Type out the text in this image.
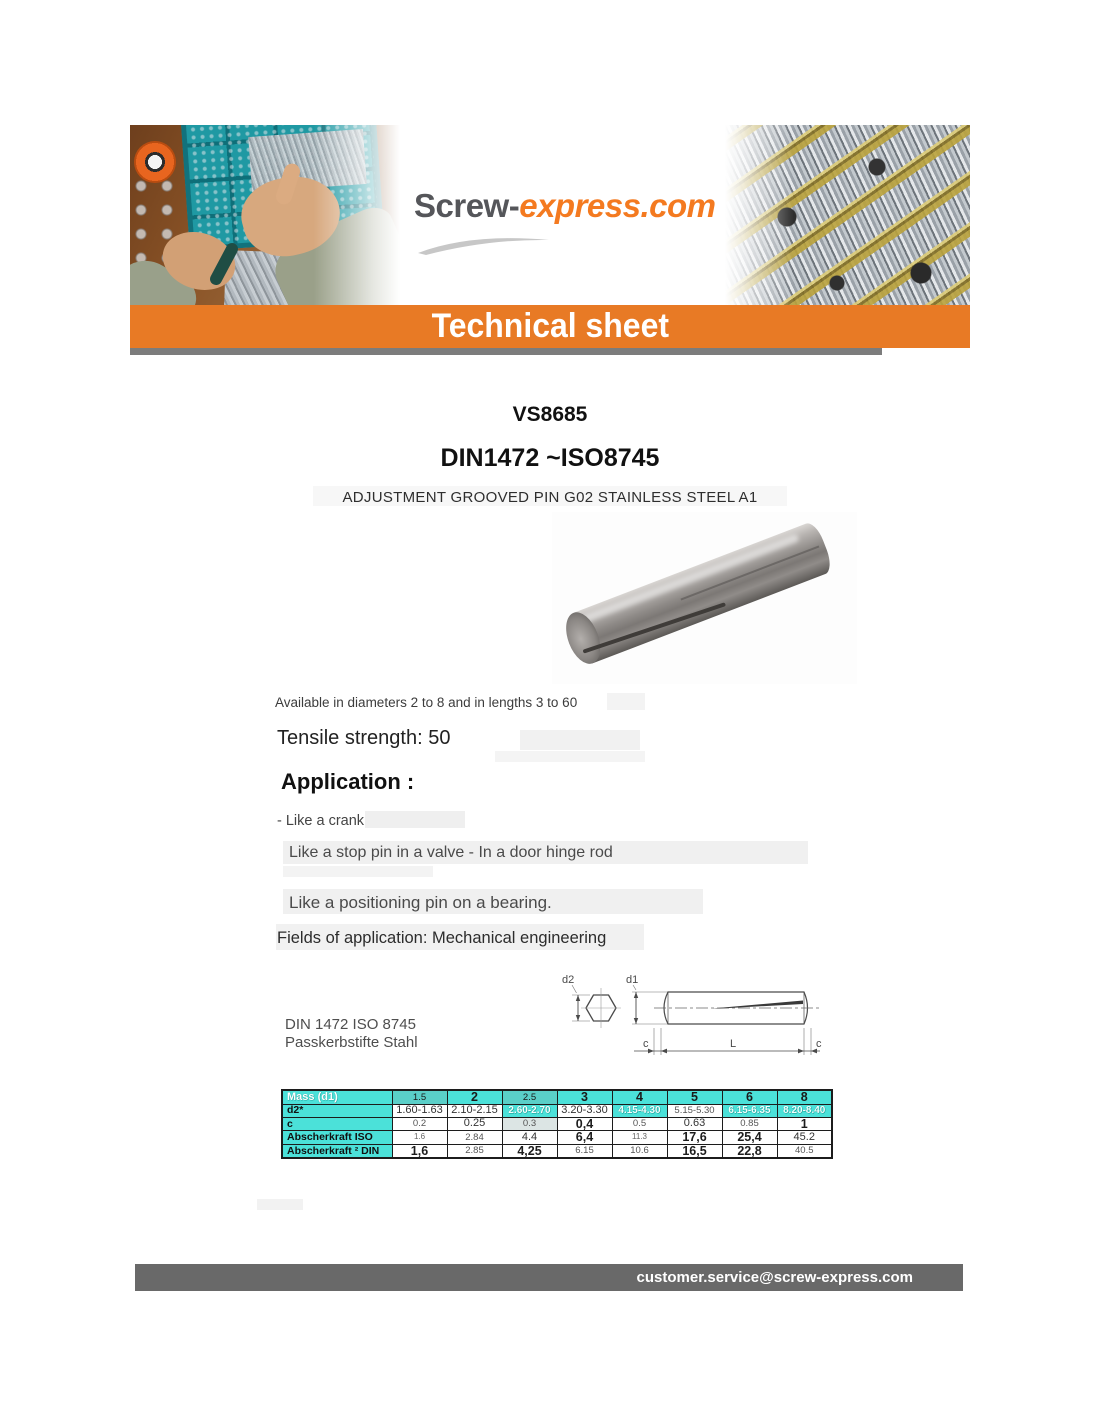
Screw-express.com
Technical sheet
VS8685
DIN1472 ~ISO8745
ADJUSTMENT GROOVED PIN G02 STAINLESS STEEL A1
Available in diameters 2 to 8 and in lengths 3 to 60
Tensile strength: 50
Application :
- Like a crank
Like a stop pin in a valve - In a door hinge rod
Like a positioning pin on a bearing.
Fields of application: Mechanical engineering
DIN 1472 ISO 8745
Passkerbstifte Stahl
d2	d1
c	L	c
Mass (d1)	1.5	2	2.5	3	4	5	6	8
d2*	1.60-1.63	2.10-2.15	2.60-2.70	3.20-3.30	4.15-4.30	5.15-5.30	6.15-6.35	8.20-8.40
c	0.2	0.25	0.3	0,4	0.5	0.63	0.85	1
Abscherkraft ISO	1.6	2.84	4.4	6,4	11.3	17,6	25,4	45.2
Abscherkraft ² DIN	1,6	2.85	4,25	6.15	10.6	16,5	22,8	40.5
customer.service@screw-express.com
